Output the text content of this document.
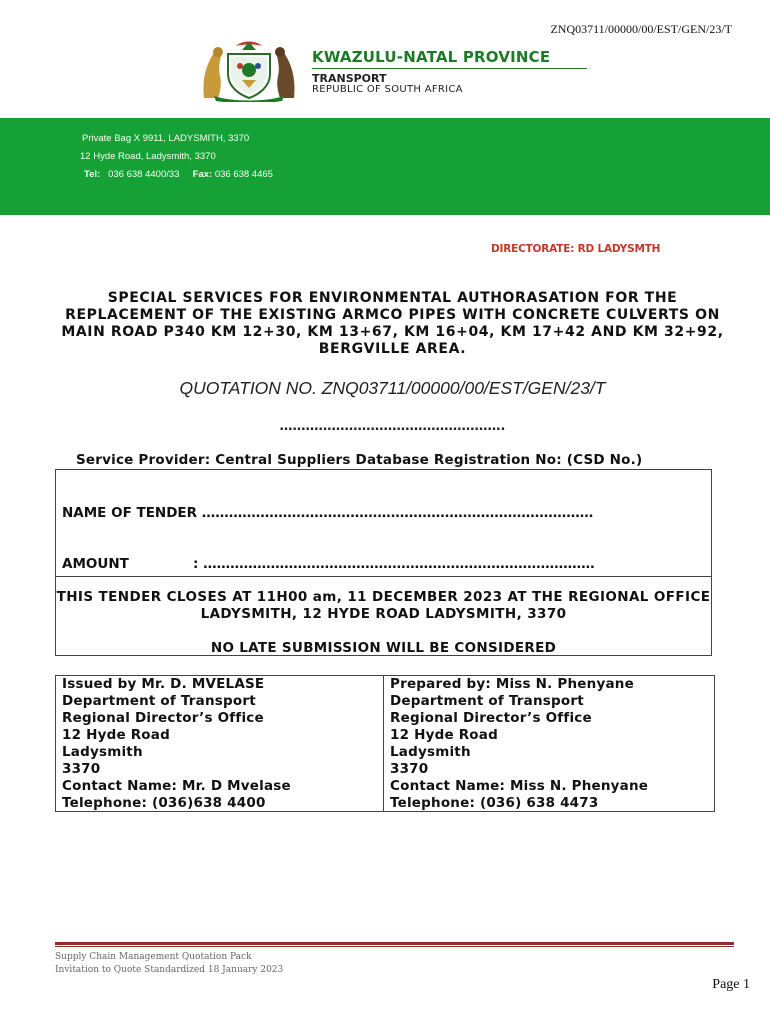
ZNQ03711/00000/00/EST/GEN/23/T
KWAZULU-NATAL PROVINCE
TRANSPORT
REPUBLIC OF SOUTH AFRICA
Private Bag X 9911, LADYSMITH, 3370
12 Hyde Road, Ladysmith, 3370
Tel: 036 638 4400/33 Fax: 036 638 4465
DIRECTORATE: RD LADYSMTH
SPECIAL SERVICES FOR ENVIRONMENTAL AUTHORASATION FOR THE REPLACEMENT OF THE EXISTING ARMCO PIPES WITH CONCRETE CULVERTS ON MAIN ROAD P340 KM 12+30, KM 13+67, KM 16+04, KM 17+42 AND KM 32+92, BERGVILLE AREA.
QUOTATION NO. ZNQ03711/00000/00/EST/GEN/23/T
…………………………………………….
Service Provider: Central Suppliers Database Registration No: (CSD No.)
NAME OF TENDER ……………………………………………………………………………
AMOUNT	: ……………………………………………………………………………
THIS TENDER CLOSES AT 11H00 am, 11 DECEMBER 2023 AT THE REGIONAL OFFICE LADYSMITH, 12 HYDE ROAD LADYSMITH, 3370
NO LATE SUBMISSION WILL BE CONSIDERED
Issued by Mr. D. MVELASE
Department of Transport
Regional Director’s Office
12 Hyde Road
Ladysmith
3370
Contact Name: Mr. D Mvelase
Telephone: (036)638 4400
Prepared by: Miss N. Phenyane
Department of Transport
Regional Director’s Office
12 Hyde Road
Ladysmith
3370
Contact Name: Miss N. Phenyane
Telephone: (036) 638 4473
Supply Chain Management Quotation Pack
Invitation to Quote Standardized 18 January 2023
Page 1
